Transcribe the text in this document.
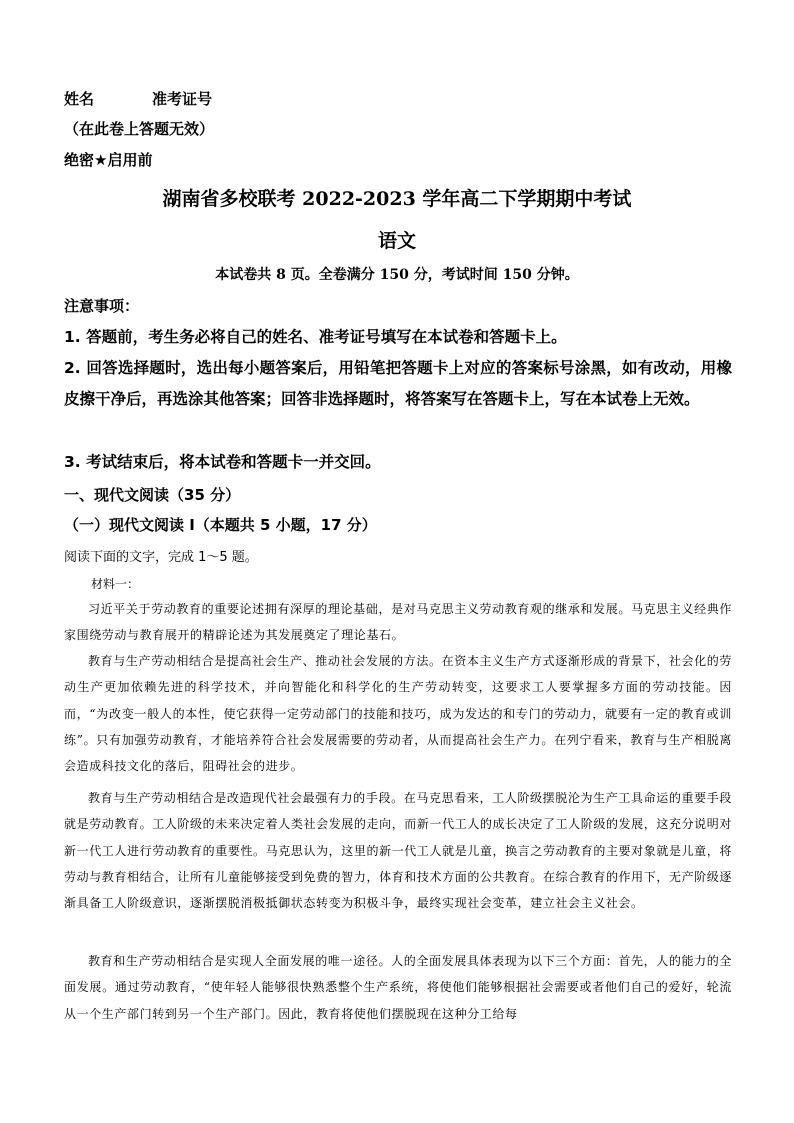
姓名	准考证号
（在此卷上答题无效）
绝密★启用前
湖南省多校联考 2022-2023 学年高二下学期期中考试
语文
本试卷共 8 页。全卷满分 150 分，考试时间 150 分钟。
注意事项：
1. 答题前，考生务必将自己的姓名、准考证号填写在本试卷和答题卡上。
2. 回答选择题时，选出每小题答案后，用铅笔把答题卡上对应的答案标号涂黑，如有改动，用橡皮擦干净后，再选涂其他答案；回答非选择题时，将答案写在答题卡上，写在本试卷上无效。
3. 考试结束后，将本试卷和答题卡一并交回。
一、现代文阅读（35 分）
（一）现代文阅读 I（本题共 5 小题，17 分）
阅读下面的文字，完成 1～5 题。
材料一：
习近平关于劳动教育的重要论述拥有深厚的理论基础，是对马克思主义劳动教育观的继承和发展。马克思主义经典作家围绕劳动与教育展开的精辟论述为其发展奠定了理论基石。
教育与生产劳动相结合是提高社会生产、推动社会发展的方法。在资本主义生产方式逐渐形成的背景下，社会化的劳动生产更加依赖先进的科学技术，并向智能化和科学化的生产劳动转变，这要求工人要掌握多方面的劳动技能。因而，“为改变一般人的本性，使它获得一定劳动部门的技能和技巧，成为发达的和专门的劳动力，就要有一定的教育或训练”。只有加强劳动教育，才能培养符合社会发展需要的劳动者，从而提高社会生产力。在列宁看来，教育与生产相脱离会造成科技文化的落后，阻碍社会的进步。
教育与生产劳动相结合是改造现代社会最强有力的手段。在马克思看来，工人阶级摆脱沦为生产工具命运的重要手段就是劳动教育。工人阶级的未来决定着人类社会发展的走向，而新一代工人的成长决定了工人阶级的发展，这充分说明对新一代工人进行劳动教育的重要性。马克思认为，这里的新一代工人就是儿童，换言之劳动教育的主要对象就是儿童，将劳动与教育相结合，让所有儿童能够接受到免费的智力，体育和技术方面的公共教育。在综合教育的作用下，无产阶级逐渐具备工人阶级意识，逐渐摆脱消极抵御状态转变为积极斗争，最终实现社会变革，建立社会主义社会。
教育和生产劳动相结合是实现人全面发展的唯一途径。人的全面发展具体表现为以下三个方面：首先，人的能力的全面发展。通过劳动教育，“使年轻人能够很快熟悉整个生产系统，将使他们能够根据社会需要或者他们自己的爱好，轮流从一个生产部门转到另一个生产部门。因此，教育将使他们摆脱现在这种分工给每
